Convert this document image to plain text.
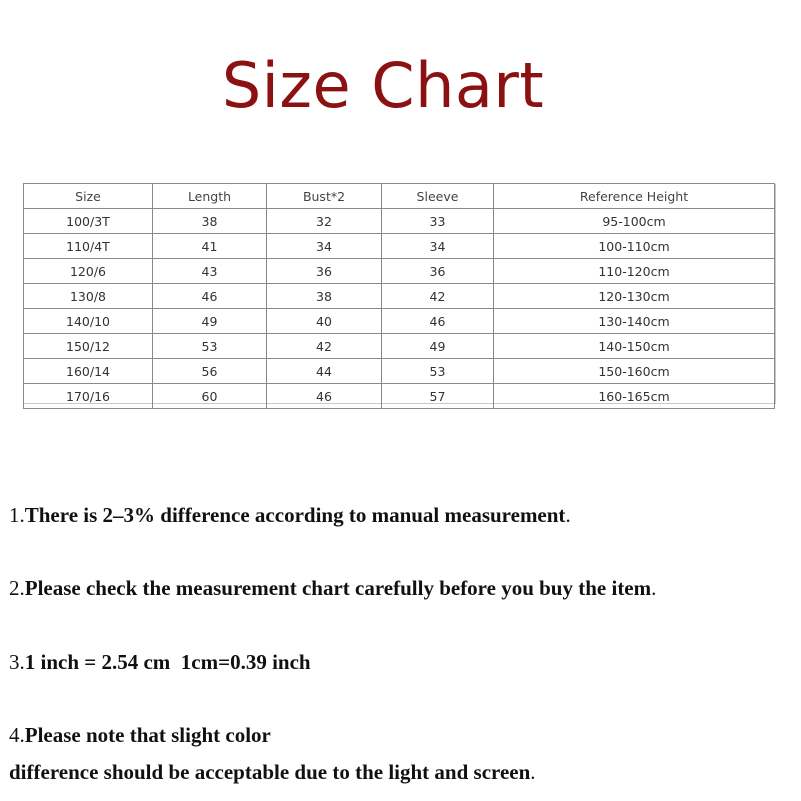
Size Chart
Size	Length	Bust*2	Sleeve	Reference Height
100/3T	38	32	33	95-100cm
110/4T	41	34	34	100-110cm
120/6	43	36	36	110-120cm
130/8	46	38	42	120-130cm
140/10	49	40	46	130-140cm
150/12	53	42	49	140-150cm
160/14	56	44	53	150-160cm
170/16	60	46	57	160-165cm
1.There is 2–3% difference according to manual measurement.
2.Please check the measurement chart carefully before you buy the item.
3.1 inch = 2.54 cm  1cm=0.39 inch
4.Please note that slight color
difference should be acceptable due to the light and screen.
